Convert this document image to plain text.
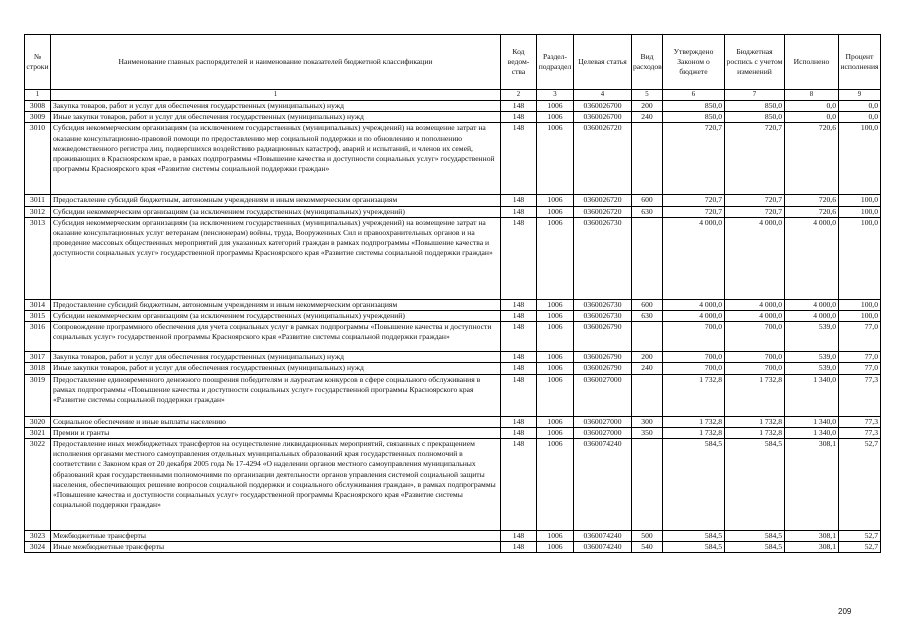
№ строки	Наименование главных распорядителей и наименование показателей бюджетной классификации	Код ведом-ства	Раздел-подраздел	Целевая статья	Вид расходов	Утверждено Законом о бюджете	Бюджетная роспись с учетом изменений	Исполнено	Процент исполнения
1	1	2	3	4	5	6	7	8	9
3008	Закупка товаров, работ и услуг для обеспечения государственных (муниципальных) нужд	148	1006	0360026700	200	850,0	850,0	0,0	0,0
3009	Иные закупки товаров, работ и услуг для обеспечения государственных (муниципальных) нужд	148	1006	0360026700	240	850,0	850,0	0,0	0,0
3010	Субсидия некоммерческим организациям (за исключением государственных (муниципальных) учреждений) на возмещение затрат на оказание консультационно-правовой помощи по предоставлению мер социальной поддержки и по обновлению и пополнению межведомственного регистра лиц, подвергшихся воздействию радиационных катастроф, аварий и испытаний, и членов их семей, проживающих в Красноярском крае, в рамках подпрограммы «Повышение качества и доступности социальных услуг» государственной программы Красноярского края «Развитие системы социальной поддержки граждан»	148	1006	0360026720		720,7	720,7	720,6	100,0
3011	Предоставление субсидий бюджетным, автономным учреждениям и иным некоммерческим организациям	148	1006	0360026720	600	720,7	720,7	720,6	100,0
3012	Субсидии некоммерческим организациям (за исключением государственных (муниципальных) учреждений)	148	1006	0360026720	630	720,7	720,7	720,6	100,0
3013	Субсидия некоммерческим организациям (за исключением государственных (муниципальных) учреждений) на возмещение затрат на оказание консультационных услуг ветеранам (пенсионерам) войны, труда, Вооруженных Сил и правоохранительных органов и на проведение массовых общественных мероприятий для указанных категорий граждан в рамках подпрограммы «Повышение качества и доступности социальных услуг» государственной программы Красноярского края «Развитие системы социальной поддержки граждан»	148	1006	0360026730		4 000,0	4 000,0	4 000,0	100,0
3014	Предоставление субсидий бюджетным, автономным учреждениям и иным некоммерческим организациям	148	1006	0360026730	600	4 000,0	4 000,0	4 000,0	100,0
3015	Субсидии некоммерческим организациям (за исключением государственных (муниципальных) учреждений)	148	1006	0360026730	630	4 000,0	4 000,0	4 000,0	100,0
3016	Сопровождение программного обеспечения для учета социальных услуг в рамках подпрограммы «Повышение качества и доступности социальных услуг» государственной программы Красноярского края «Развитие системы социальной поддержки граждан»	148	1006	0360026790		700,0	700,0	539,0	77,0
3017	Закупка товаров, работ и услуг для обеспечения государственных (муниципальных) нужд	148	1006	0360026790	200	700,0	700,0	539,0	77,0
3018	Иные закупки товаров, работ и услуг для обеспечения государственных (муниципальных) нужд	148	1006	0360026790	240	700,0	700,0	539,0	77,0
3019	Предоставление единовременного денежного поощрения победителям и лауреатам конкурсов в сфере социального обслуживания в рамках подпрограммы «Повышение качества и доступности социальных услуг» государственной программы Красноярского края «Развитие системы социальной поддержки граждан»	148	1006	0360027000		1 732,8	1 732,8	1 340,0	77,3
3020	Социальное обеспечение и иные выплаты населению	148	1006	0360027000	300	1 732,8	1 732,8	1 340,0	77,3
3021	Премии и гранты	148	1006	0360027000	350	1 732,8	1 732,8	1 340,0	77,3
3022	Предоставление иных межбюджетных трансфертов на осуществление ликвидационных мероприятий, связанных с прекращением исполнения органами местного самоуправления отдельных муниципальных образований края государственных полномочий в соответствии с Законом края от 20 декабря 2005 года № 17-4294 «О наделении органов местного самоуправления муниципальных образований края государственными полномочиями по организации деятельности органов управления системой социальной защиты населения, обеспечивающих решение вопросов социальной поддержки и социального обслуживания граждан», в рамках подпрограммы «Повышение качества и доступности социальных услуг» государственной программы Красноярского края «Развитие системы социальной поддержки граждан»	148	1006	0360074240		584,5	584,5	308,1	52,7
3023	Межбюджетные трансферты	148	1006	0360074240	500	584,5	584,5	308,1	52,7
3024	Иные межбюджетные трансферты	148	1006	0360074240	540	584,5	584,5	308,1	52,7
209
